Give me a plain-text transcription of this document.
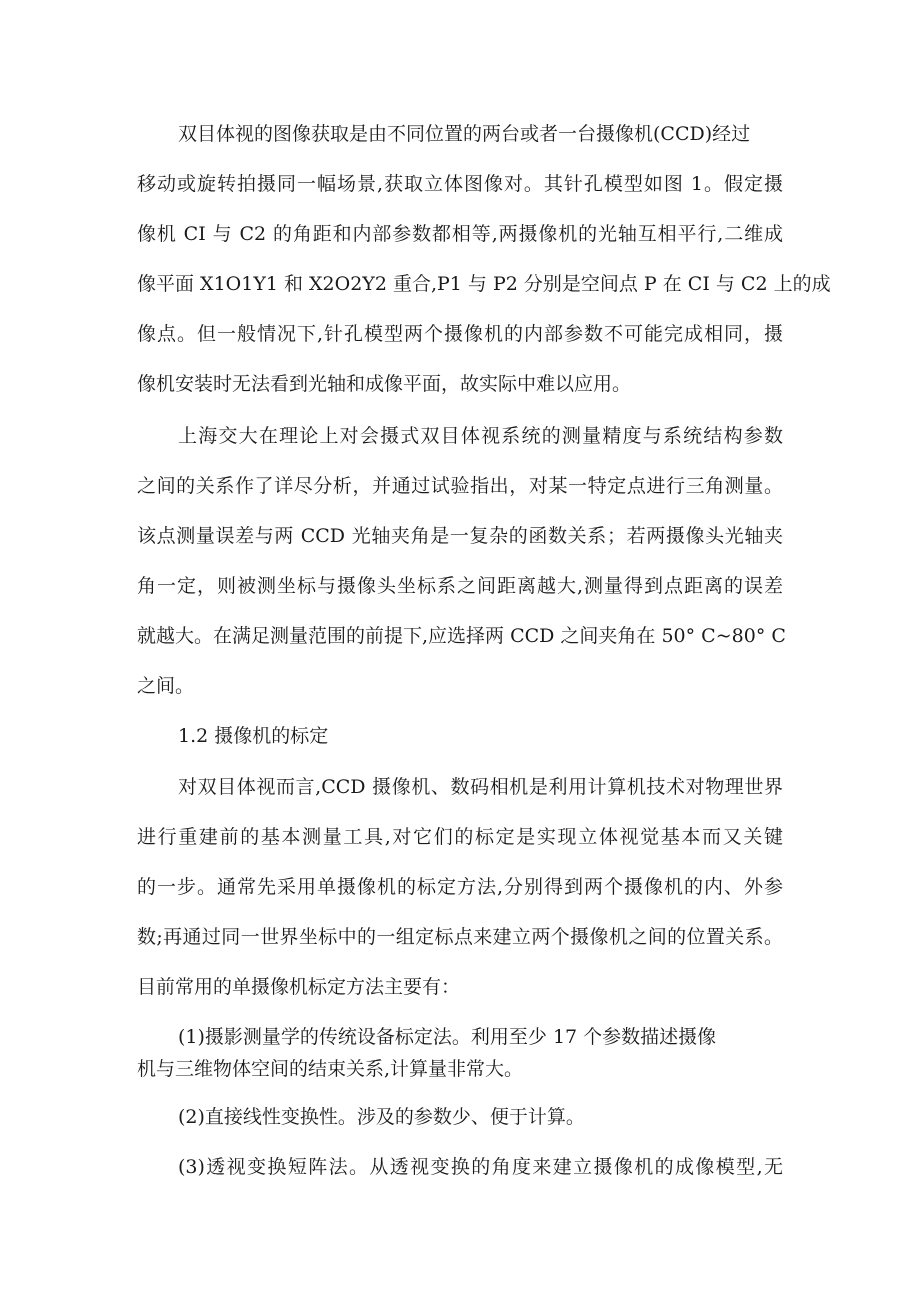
双目体视的图像获取是由不同位置的两台或者一台摄像机(CCD)经过
移动或旋转拍摄同一幅场景,获取立体图像对。其针孔模型如图 1。假定摄
像机 CI 与 C2 的角距和内部参数都相等,两摄像机的光轴互相平行,二维成
像平面 X1O1Y1 和 X2O2Y2 重合,P1 与 P2 分别是空间点 P 在 CI 与 C2 上的成
像点。但一般情况下,针孔模型两个摄像机的内部参数不可能完成相同，摄
像机安装时无法看到光轴和成像平面，故实际中难以应用。
上海交大在理论上对会摄式双目体视系统的测量精度与系统结构参数
之间的关系作了详尽分析，并通过试验指出，对某一特定点进行三角测量。
该点测量误差与两 CCD 光轴夹角是一复杂的函数关系；若两摄像头光轴夹
角一定，则被测坐标与摄像头坐标系之间距离越大,测量得到点距离的误差
就越大。在满足测量范围的前提下,应选择两 CCD 之间夹角在 50° C~80° C
之间。
1.2 摄像机的标定
对双目体视而言,CCD 摄像机、数码相机是利用计算机技术对物理世界
进行重建前的基本测量工具,对它们的标定是实现立体视觉基本而又关键
的一步。通常先采用单摄像机的标定方法,分别得到两个摄像机的内、外参
数;再通过同一世界坐标中的一组定标点来建立两个摄像机之间的位置关系。
目前常用的单摄像机标定方法主要有：
(1)摄影测量学的传统设备标定法。利用至少 17 个参数描述摄像
机与三维物体空间的结束关系,计算量非常大。
(2)直接线性变换性。涉及的参数少、便于计算。
(3)透视变换短阵法。从透视变换的角度来建立摄像机的成像模型,无
